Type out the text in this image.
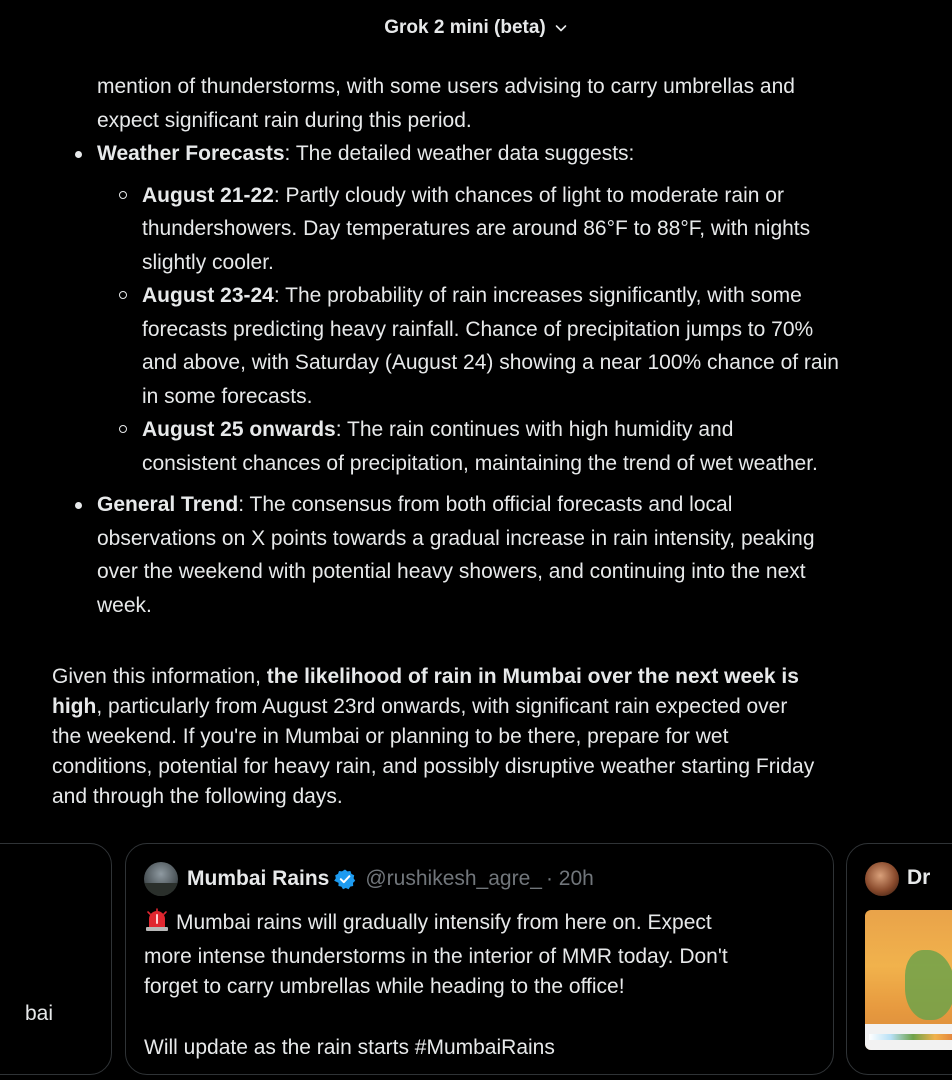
Grok 2 mini (beta)

mention of thunderstorms, with some users advising to carry umbrellas and

expect significant rain during this period.

Weather Forecasts: The detailed weather data suggests:
August 21-22: Partly cloudy with chances of light to moderate rain or
thundershowers. Day temperatures are around 86°F to 88°F, with nights
slightly cooler.
August 23-24: The probability of rain increases significantly, with some
forecasts predicting heavy rainfall. Chance of precipitation jumps to 70%
and above, with Saturday (August 24) showing a near 100% chance of rain
in some forecasts.
August 25 onwards: The rain continues with high humidity and
consistent chances of precipitation, maintaining the trend of wet weather.
General Trend: The consensus from both official forecasts and local
observations on X points towards a gradual increase in rain intensity, peaking
over the weekend with potential heavy showers, and continuing into the next
week.
Given this information, the likelihood of rain in Mumbai over the next week is
high, particularly from August 23rd onwards, with significant rain expected over
the weekend. If you're in Mumbai or planning to be there, prepare for wet
conditions, potential for heavy rain, and possibly disruptive weather starting Friday
and through the following days.
bai
Mumbai Rains @rushikesh_agre_ · 20h

Mumbai rains will gradually intensify from here on. Expect

more intense thunderstorms in the interior of MMR today. Don't

forget to carry umbrellas while heading to the office!

Will update as the rain starts #MumbaiRains

Dr
